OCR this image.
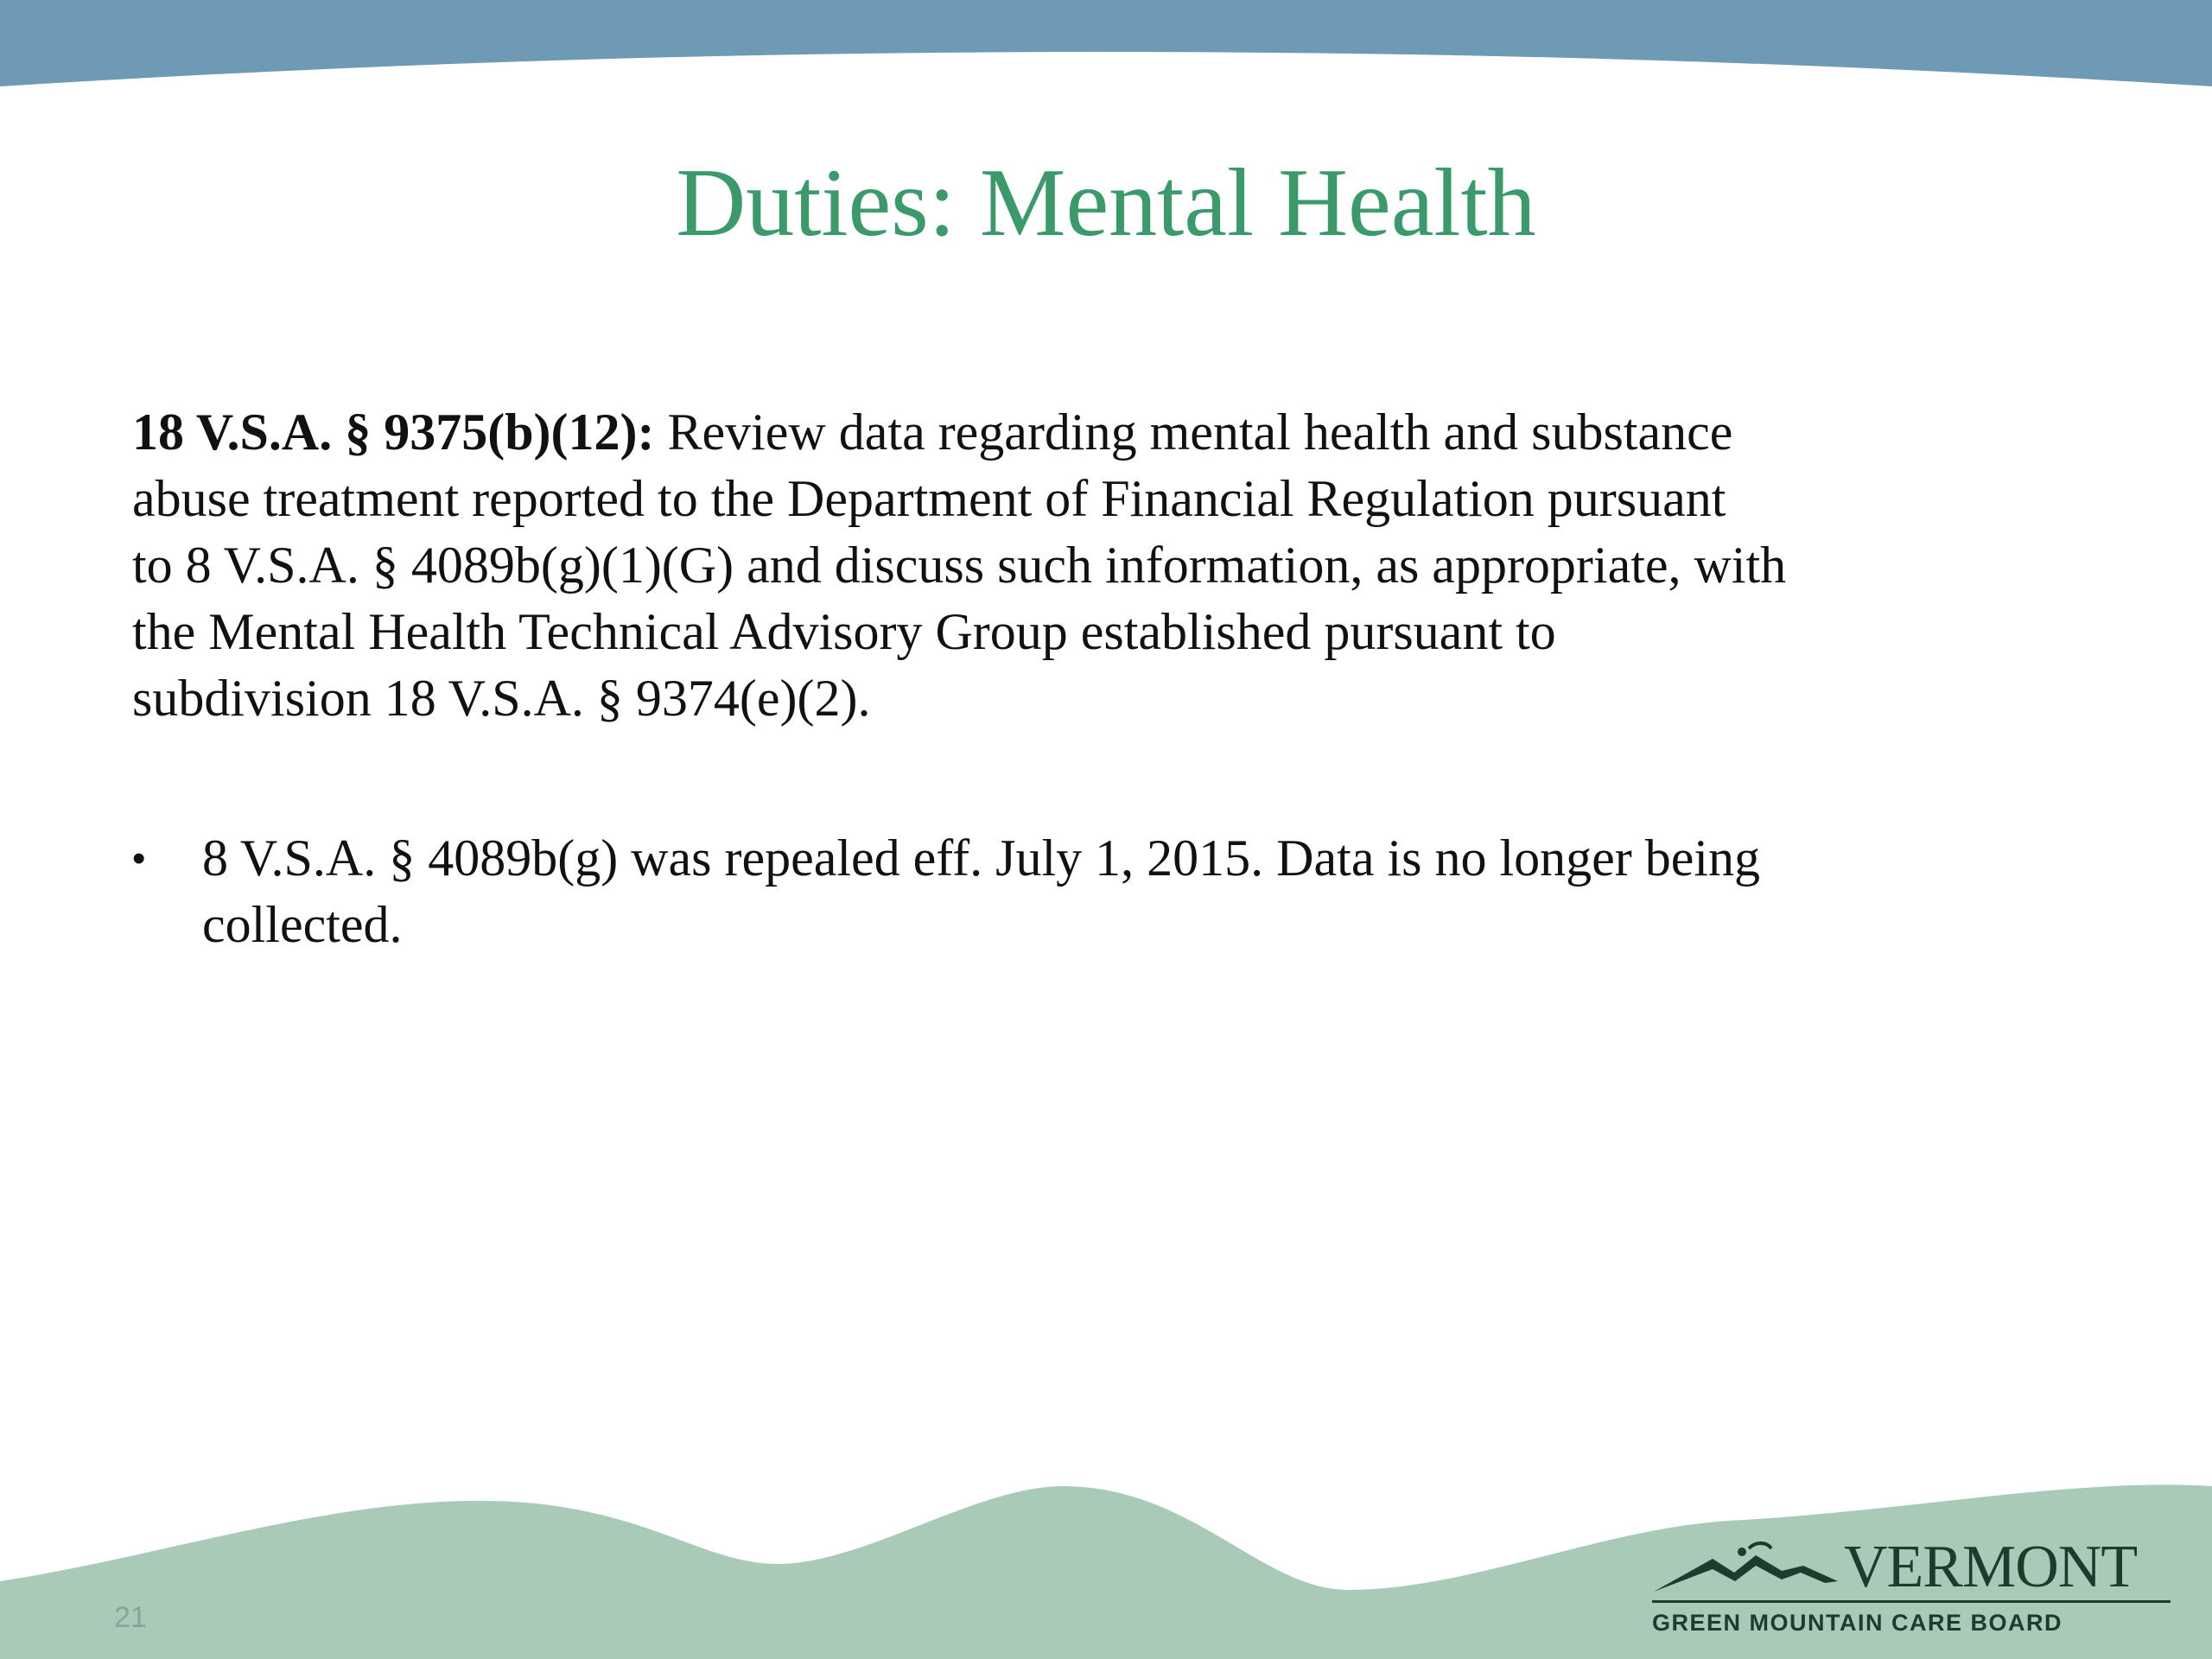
Duties: Mental Health
18 V.S.A. § 9375(b)(12): Review data regarding mental health and substance
abuse treatment reported to the Department of Financial Regulation pursuant
to 8 V.S.A. § 4089b(g)(1)(G) and discuss such information, as appropriate, with
the Mental Health Technical Advisory Group established pursuant to
subdivision 18 V.S.A. § 9374(e)(2).
• 8 V.S.A. § 4089b(g) was repealed eff. July 1, 2015. Data is no longer being
collected.
21
VERMONT
GREEN MOUNTAIN CARE BOARD
